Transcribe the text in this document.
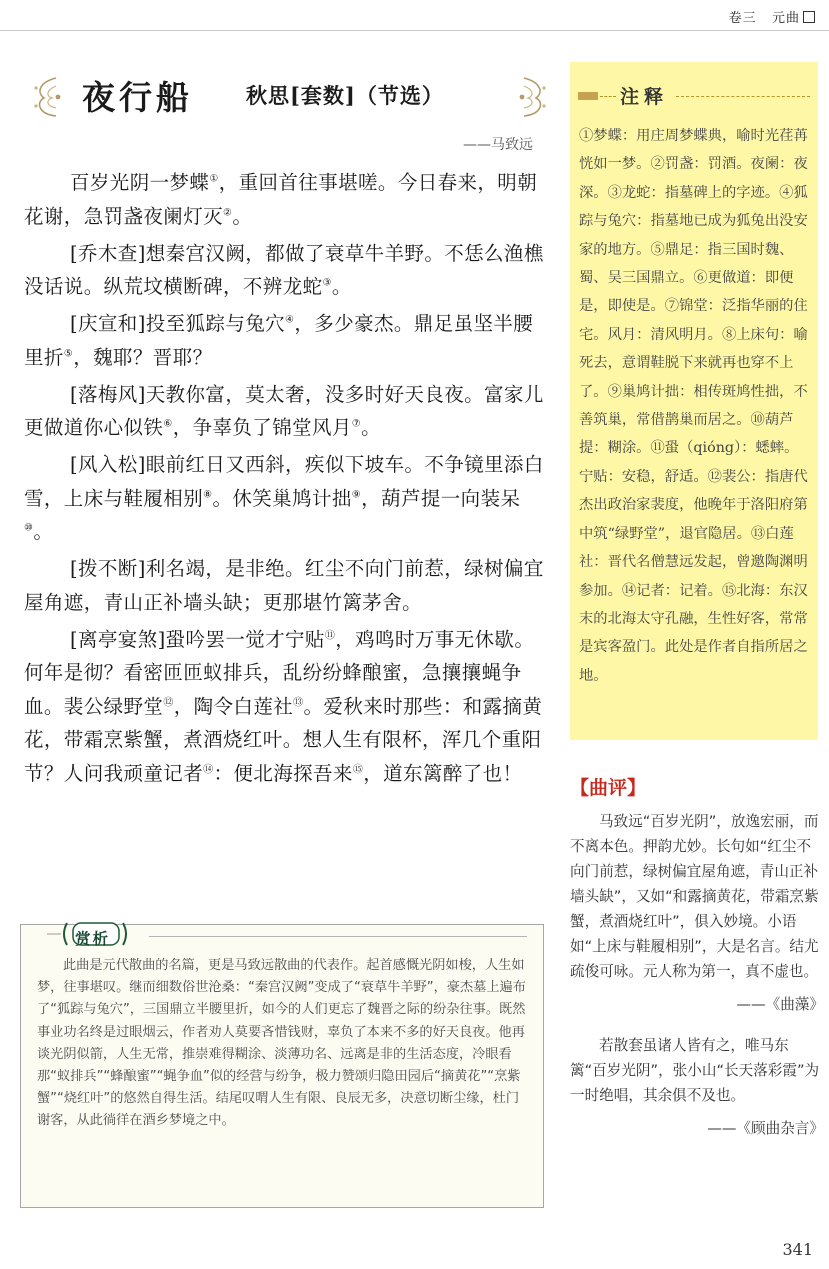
卷三 元曲
夜行船	秋思[套数]（节选）
——马致远

百岁光阴一梦蝶①，重回首往事堪嗟。今日春来，明朝花谢，急罚盏夜阑灯灭②。

[乔木查]想秦宫汉阙，都做了衰草牛羊野。不恁么渔樵没话说。纵荒坟横断碑，不辨龙蛇③。

[庆宣和]投至狐踪与兔穴④，多少豪杰。鼎足虽坚半腰里折⑤，魏耶？晋耶？

[落梅风]天教你富，莫太奢，没多时好天良夜。富家儿更做道你心似铁⑥，争辜负了锦堂风月⑦。

[风入松]眼前红日又西斜，疾似下坡车。不争镜里添白雪，上床与鞋履相别⑧。休笑巢鸠计拙⑨，葫芦提一向装呆⑩。

[拨不断]利名竭，是非绝。红尘不向门前惹，绿树偏宜屋角遮，青山正补墙头缺；更那堪竹篱茅舍。

[离亭宴煞]蛩吟罢一觉才宁贴⑪，鸡鸣时万事无休歇。何年是彻？看密匝匝蚁排兵，乱纷纷蜂酿蜜，急攘攘蝇争血。裴公绿野堂⑫，陶令白莲社⑬。爱秋来时那些：和露摘黄花，带霜烹紫蟹，煮酒烧红叶。想人生有限杯，浑几个重阳节？人问我顽童记者⑭：便北海探吾来⑮，道东篱醉了也！

注释
①梦蝶：用庄周梦蝶典，喻时光荏苒恍如一梦。②罚盏：罚酒。夜阑：夜深。③龙蛇：指墓碑上的字迹。④狐踪与兔穴：指墓地已成为狐兔出没安家的地方。⑤鼎足：指三国时魏、蜀、吴三国鼎立。⑥更做道：即便是，即使是。⑦锦堂：泛指华丽的住宅。风月：清风明月。⑧上床句：喻死去，意谓鞋脱下来就再也穿不上了。⑨巢鸠计拙：相传斑鸠性拙，不善筑巢，常借鹊巢而居之。⑩葫芦提：糊涂。⑪蛩（qióng）：蟋蟀。宁贴：安稳，舒适。⑫裴公：指唐代杰出政治家裴度，他晚年于洛阳府第中筑“绿野堂”，退官隐居。⑬白莲社：晋代名僧慧远发起，曾邀陶渊明参加。⑭记者：记着。⑮北海：东汉末的北海太守孔融，生性好客，常常是宾客盈门。此处是作者自指所居之地。
【曲评】

马致远“百岁光阴”，放逸宏丽，而不离本色。押韵尤妙。长句如“红尘不向门前惹，绿树偏宜屋角遮，青山正补墙头缺”，又如“和露摘黄花，带霜烹紫蟹，煮酒烧红叶”，俱入妙境。小语如“上床与鞋履相别”，大是名言。结尤疏俊可咏。元人称为第一，真不虚也。

——《曲藻》

若散套虽诸人皆有之，唯马东篱“百岁光阴”，张小山“长天落彩霞”为一时绝唱，其余俱不及也。

——《顾曲杂言》
赏析
此曲是元代散曲的名篇，更是马致远散曲的代表作。起首感慨光阴如梭，人生如梦，往事堪叹。继而细数俗世沧桑：“秦宫汉阙”变成了“衰草牛羊野”，豪杰墓上遍布了“狐踪与兔穴”，三国鼎立半腰里折，如今的人们更忘了魏晋之际的纷杂往事。既然事业功名终是过眼烟云，作者劝人莫要吝惜钱财，辜负了本来不多的好天良夜。他再谈光阴似箭，人生无常，推崇难得糊涂、淡薄功名、远离是非的生活态度，冷眼看那“蚁排兵”“蜂酿蜜”“蝇争血”似的经营与纷争，极力赞颂归隐田园后“摘黄花”“烹紫蟹”“烧红叶”的悠然自得生活。结尾叹喟人生有限、良辰无多，决意切断尘缘，杜门谢客，从此徜徉在酒乡梦境之中。
341
